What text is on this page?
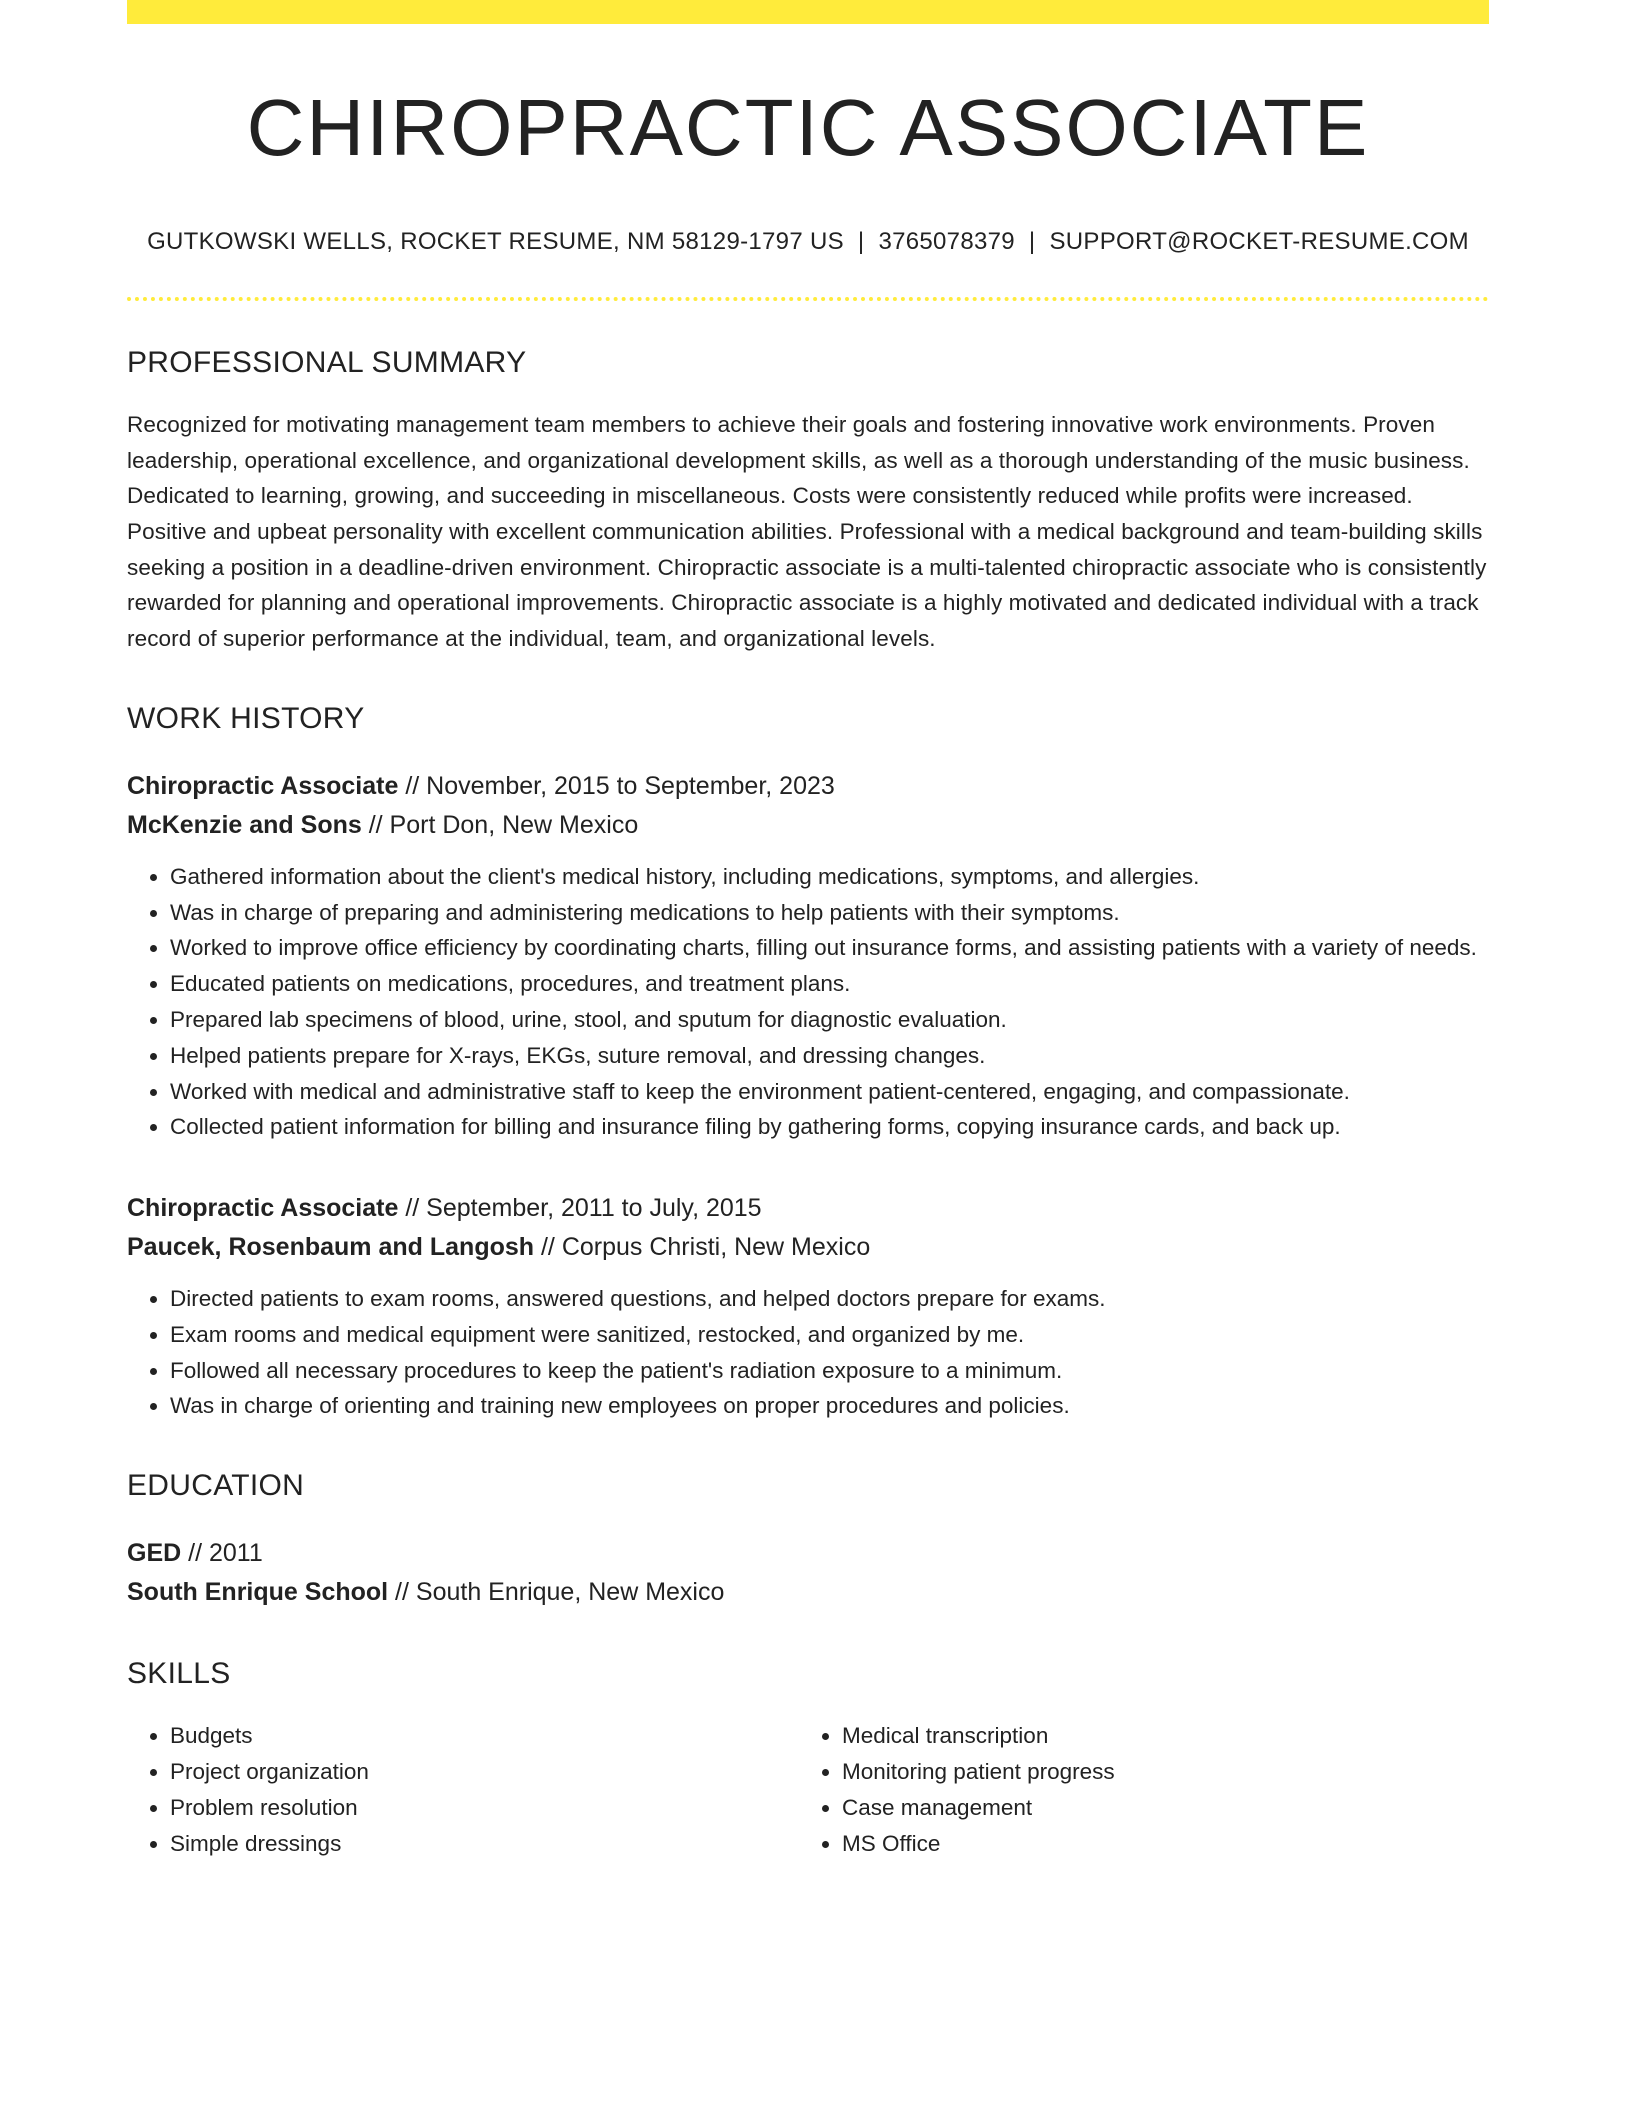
CHIROPRACTIC ASSOCIATE
GUTKOWSKI WELLS, ROCKET RESUME, NM 58129-1797 US | 3765078379 | SUPPORT@ROCKET-RESUME.COM
PROFESSIONAL SUMMARY

Recognized for motivating management team members to achieve their goals and fostering innovative work environments. Proven leadership, operational excellence, and organizational development skills, as well as a thorough understanding of the music business. Dedicated to learning, growing, and succeeding in miscellaneous. Costs were consistently reduced while profits were increased. Positive and upbeat personality with excellent communication abilities. Professional with a medical background and team-building skills seeking a position in a deadline-driven environment. Chiropractic associate is a multi-talented chiropractic associate who is consistently rewarded for planning and operational improvements. Chiropractic associate is a highly motivated and dedicated individual with a track record of superior performance at the individual, team, and organizational levels.

WORK HISTORY
Chiropractic Associate // November, 2015 to September, 2023
McKenzie and Sons // Port Don, New Mexico
• Gathered information about the client's medical history, including medications, symptoms, and allergies.
• Was in charge of preparing and administering medications to help patients with their symptoms.
• Worked to improve office efficiency by coordinating charts, filling out insurance forms, and assisting patients with a variety of needs.
• Educated patients on medications, procedures, and treatment plans.
• Prepared lab specimens of blood, urine, stool, and sputum for diagnostic evaluation.
• Helped patients prepare for X-rays, EKGs, suture removal, and dressing changes.
• Worked with medical and administrative staff to keep the environment patient-centered, engaging, and compassionate.
• Collected patient information for billing and insurance filing by gathering forms, copying insurance cards, and back up.
Chiropractic Associate // September, 2011 to July, 2015
Paucek, Rosenbaum and Langosh // Corpus Christi, New Mexico
• Directed patients to exam rooms, answered questions, and helped doctors prepare for exams.
• Exam rooms and medical equipment were sanitized, restocked, and organized by me.
• Followed all necessary procedures to keep the patient's radiation exposure to a minimum.
• Was in charge of orienting and training new employees on proper procedures and policies.
EDUCATION
GED // 2011
South Enrique School // South Enrique, New Mexico
SKILLS
• Budgets
• Project organization
• Problem resolution
• Simple dressings
• Medical transcription
• Monitoring patient progress
• Case management
• MS Office
